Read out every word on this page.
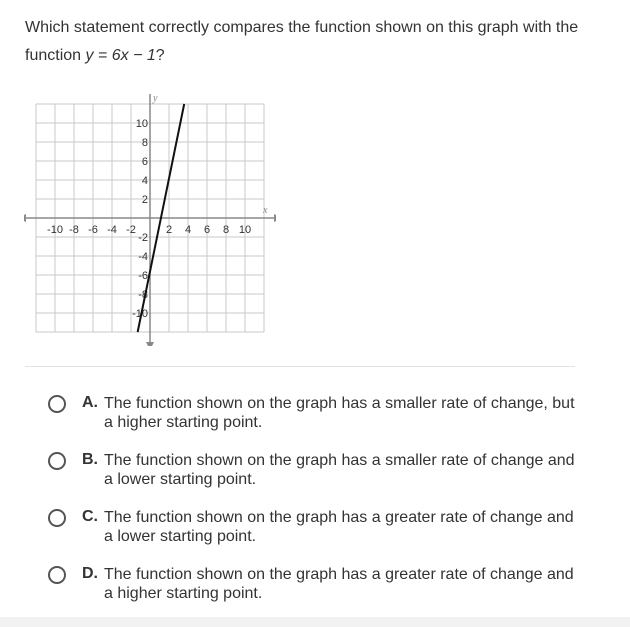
Which statement correctly compares the function shown on this graph with the function y = 6x − 1?
x
y
-10 -8 -6 -4 -2	2 4 6 8 10
10
8
6
4
2
-2
-4
-6
-8
-10
A. The function shown on the graph has a smaller rate of change, but a higher starting point.
B. The function shown on the graph has a smaller rate of change and a lower starting point.
C. The function shown on the graph has a greater rate of change and a lower starting point.
D. The function shown on the graph has a greater rate of change and a higher starting point.
